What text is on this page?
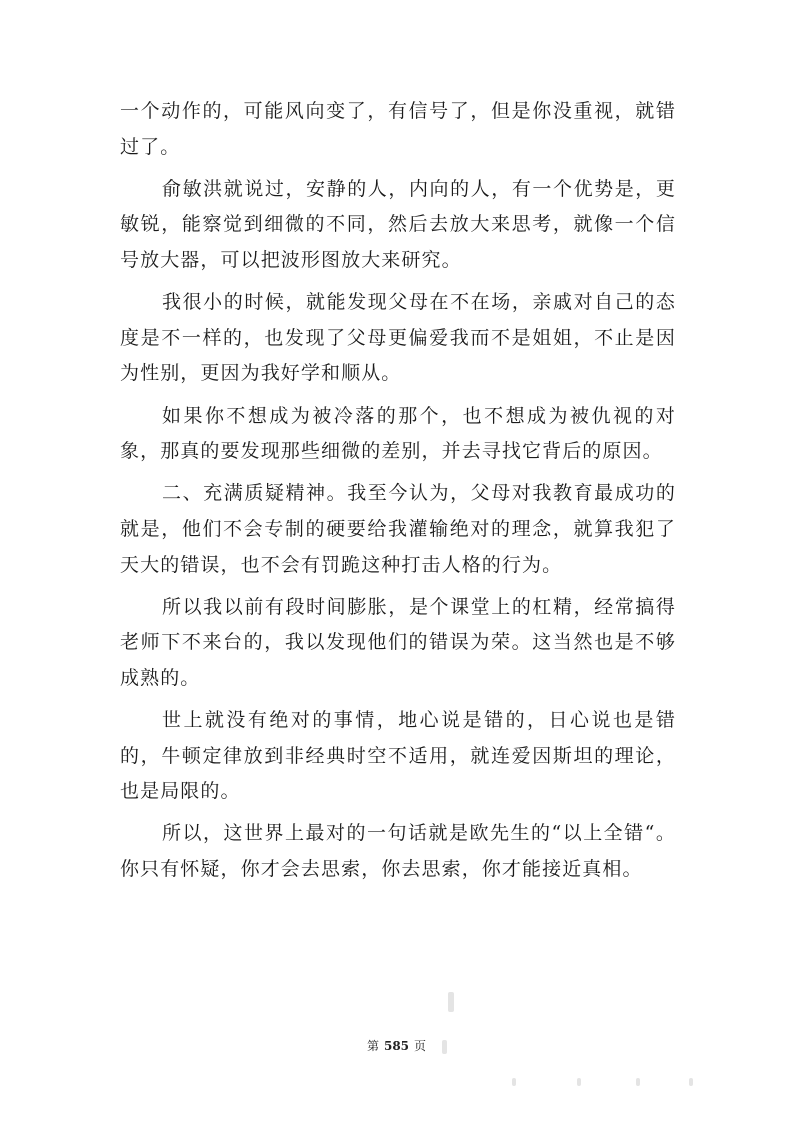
一个动作的，可能风向变了，有信号了，但是你没重视，就错过了。

俞敏洪就说过，安静的人，内向的人，有一个优势是，更敏锐，能察觉到细微的不同，然后去放大来思考，就像一个信号放大器，可以把波形图放大来研究。

我很小的时候，就能发现父母在不在场，亲戚对自己的态度是不一样的，也发现了父母更偏爱我而不是姐姐，不止是因为性别，更因为我好学和顺从。

如果你不想成为被冷落的那个，也不想成为被仇视的对象，那真的要发现那些细微的差别，并去寻找它背后的原因。

二、充满质疑精神。我至今认为，父母对我教育最成功的就是，他们不会专制的硬要给我灌输绝对的理念，就算我犯了天大的错误，也不会有罚跪这种打击人格的行为。

所以我以前有段时间膨胀，是个课堂上的杠精，经常搞得老师下不来台的，我以发现他们的错误为荣。这当然也是不够成熟的。

世上就没有绝对的事情，地心说是错的，日心说也是错的，牛顿定律放到非经典时空不适用，就连爱因斯坦的理论，也是局限的。

所以，这世界上最对的一句话就是欧先生的“以上全错“。你只有怀疑，你才会去思索，你去思索，你才能接近真相。

第 585 页
